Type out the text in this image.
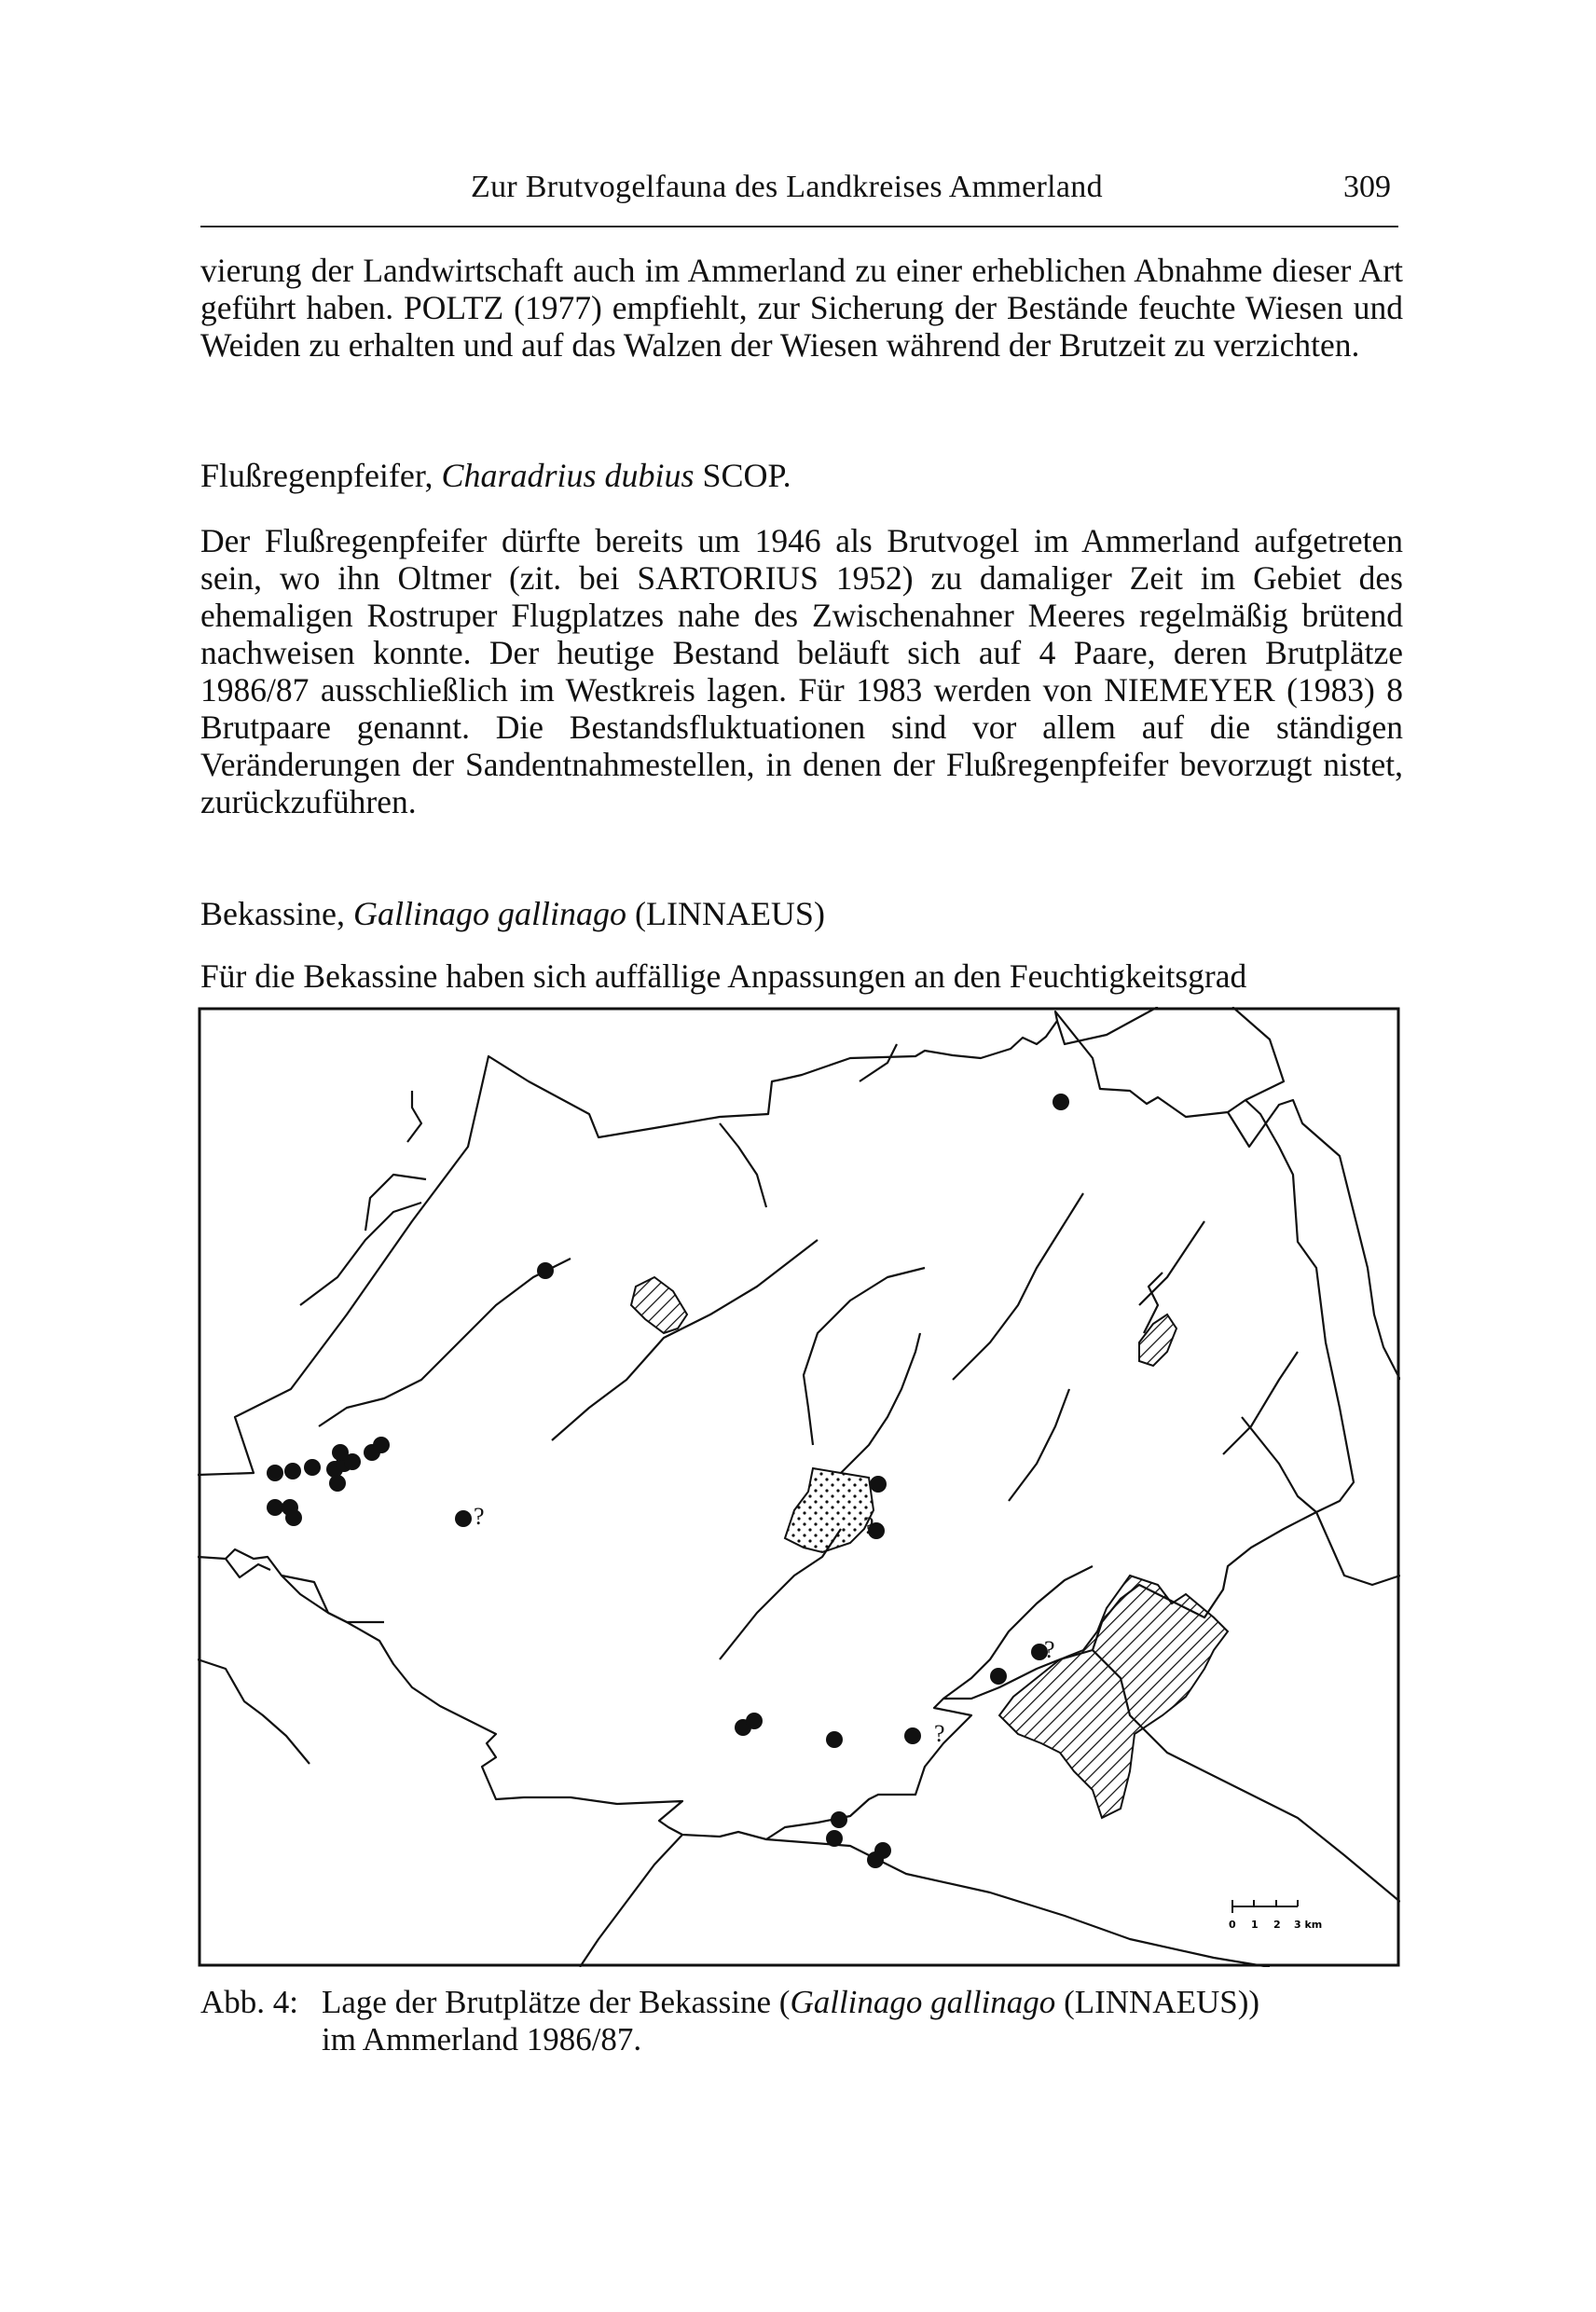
Zur Brutvogelfauna des Landkreises Ammerland	309

vierung der Landwirtschaft auch im Ammerland zu einer erheblichen Abnahme dieser Art geführt haben. POLTZ (1977) empfiehlt, zur Sicherung der Bestände feuchte Wiesen und Weiden zu erhalten und auf das Walzen der Wiesen während der Brutzeit zu verzichten.

Flußregenpfeifer, Charadrius dubius SCOP.

Der Flußregenpfeifer dürfte bereits um 1946 als Brutvogel im Ammerland aufgetreten sein, wo ihn Oltmer (zit. bei SARTORIUS 1952) zu damaliger Zeit im Gebiet des ehemaligen Rostruper Flugplatzes nahe des Zwischenahner Meeres regelmäßig brütend nachweisen konnte. Der heutige Bestand beläuft sich auf 4 Paare, deren Brutplätze 1986/87 ausschließlich im Westkreis lagen. Für 1983 werden von NIEMEYER (1983) 8 Brutpaare genannt. Die Bestandsfluktuationen sind vor allem auf die ständigen Veränderungen der Sandentnahmestellen, in denen der Flußregenpfeifer bevorzugt nistet, zurückzuführen.

Bekassine, Gallinago gallinago (LINNAEUS)

Für die Bekassine haben sich auffällige Anpassungen an den Feuchtigkeitsgrad

?	?
?
?
0 1 2 3 km
Abb. 4: Lage der Brutplätze der Bekassine (Gallinago gallinago (LINNAEUS))
im Ammerland 1986/87.
